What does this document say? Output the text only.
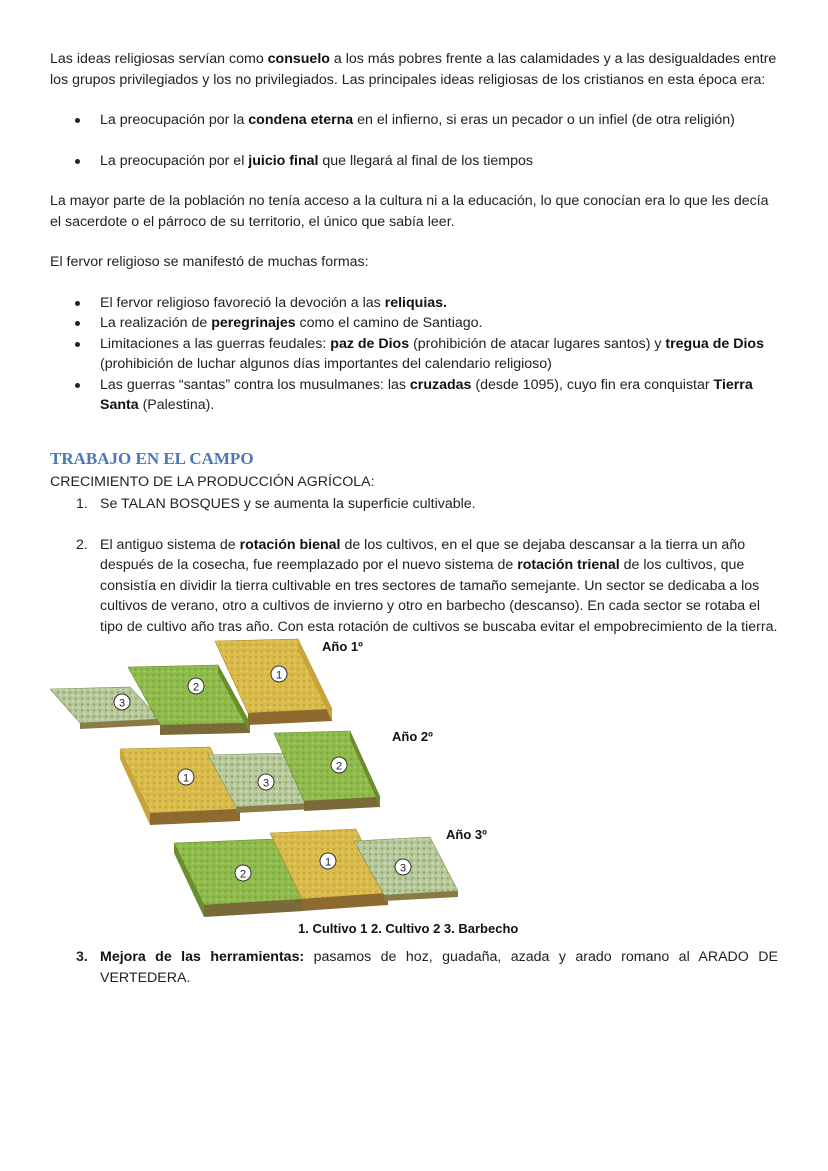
Las ideas religiosas servían como consuelo a los más pobres frente a las calamidades y a las desigualdades entre los grupos privilegiados y los no privilegiados. Las principales ideas religiosas de los cristianos en esta época era:

La preocupación por la condena eterna en el infierno, si eras un pecador o un infiel (de otra religión)
La preocupación por el juicio final que llegará al final de los tiempos

La mayor parte de la población no tenía acceso a la cultura ni a la educación, lo que conocían era lo que les decía el sacerdote o el párroco de su territorio, el único que sabía leer.

El fervor religioso se manifestó de muchas formas:

El fervor religioso favoreció la devoción a las reliquias.
La realización de peregrinajes como el camino de Santiago.
Limitaciones a las guerras feudales: paz de Dios (prohibición de atacar lugares santos) y tregua de Dios (prohibición de luchar algunos días importantes del calendario religioso)
Las guerras “santas” contra los musulmanes: las cruzadas (desde 1095), cuyo fin era conquistar Tierra Santa (Palestina).
TRABAJO EN EL CAMPO

CRECIMIENTO DE LA PRODUCCIÓN AGRÍCOLA:

1. Se TALAN BOSQUES y se aumenta la superficie cultivable.
2. El antiguo sistema de rotación bienal de los cultivos, en el que se dejaba descansar a la tierra un año después de la cosecha, fue reemplazado por el nuevo sistema de rotación trienal de los cultivos, que consistía en dividir la tierra cultivable en tres sectores de tamaño semejante. Un sector se dedicaba a los cultivos de verano, otro a cultivos de invierno y otro en barbecho (descanso). En cada sector se rotaba el tipo de cultivo año tras año. Con esta rotación de cultivos se buscaba evitar el empobrecimiento de la tierra.
3
2
1
1	3
2
2
1	3
Año 1º
Año 2º
Año 3º
1. Cultivo 1 2. Cultivo 2 3. Barbecho
3. Mejora de las herramientas: pasamos de hoz, guadaña, azada y arado romano al ARADO DE VERTEDERA.
